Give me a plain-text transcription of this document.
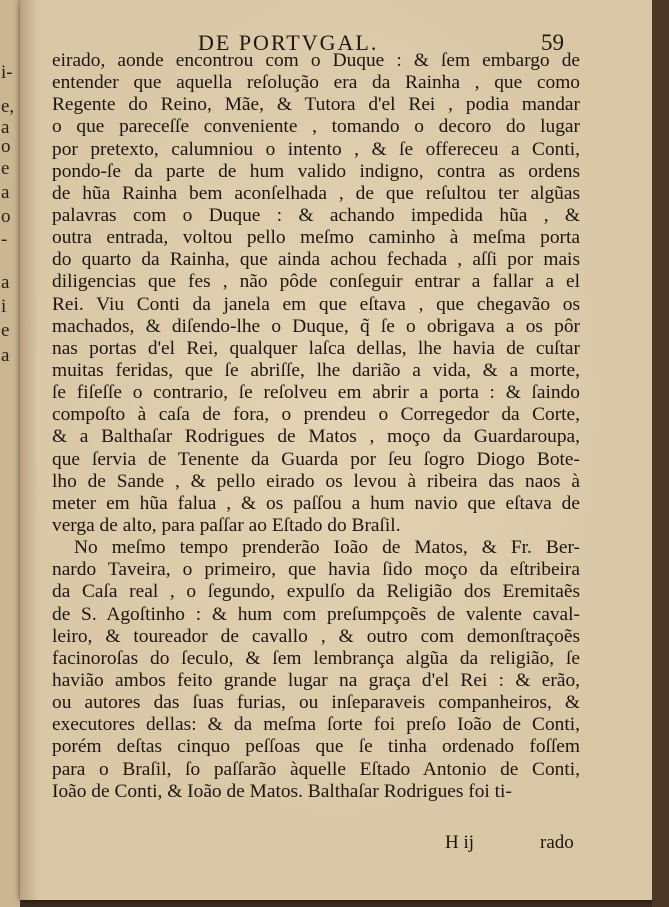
i-
e,
a
o
e
a
o
-
a
i
e
a
DE PORTVGAL.	59
eirado, aonde encontrou com o Duque : & ſem embargo de
entender que aquella reſolução era da Rainha , que como
Regente do Reino, Mãe, & Tutora d'el Rei , podia mandar
o que pareceſſe conveniente , tomando o decoro do lugar
por pretexto, calumniou o intento , & ſe offereceu a Conti,
pondo-ſe da parte de hum valido indigno, contra as ordens
de hũa Rainha bem aconſelhada , de que reſultou ter algũas
palavras com o Duque : & achando impedida hũa , &
outra entrada, voltou pello meſmo caminho à meſma porta
do quarto da Rainha, que ainda achou fechada , aſſi por mais
diligencias que fes , não pôde conſeguir entrar a fallar a el
Rei. Viu Conti da janela em que eſtava , que chegavão os
machados, & diſendo-lhe o Duque, q̃ ſe o obrigava a os pôr
nas portas d'el Rei, qualquer laſca dellas, lhe havia de cuſtar
muitas feridas, que ſe abriſſe, lhe darião a vida, & a morte,
ſe fiſeſſe o contrario, ſe reſolveu em abrir a porta : & ſaindo
compoſto à caſa de fora, o prendeu o Corregedor da Corte,
& a Balthaſar Rodrigues de Matos , moço da Guardaroupa,
que ſervia de Tenente da Guarda por ſeu ſogro Diogo Bote-
lho de Sande , & pello eirado os levou à ribeira das naos à
meter em hũa falua , & os paſſou a hum navio que eſtava de
verga de alto, para paſſar ao Eſtado do Braſil.
No meſmo tempo prenderão Ioão de Matos, & Fr. Ber-
nardo Taveira, o primeiro, que havia ſido moço da eſtribeira
da Caſa real , o ſegundo, expulſo da Religião dos Eremitaẽs
de S. Agoſtinho : & hum com preſumpçoẽs de valente caval-
leiro, & toureador de cavallo , & outro com demonſtraçoẽs
facinoroſas do ſeculo, & ſem lembrança algũa da religião, ſe
havião ambos feito grande lugar na graça d'el Rei : & erão,
ou autores das ſuas furias, ou inſeparaveis companheiros, &
executores dellas: & da meſma ſorte foi preſo Ioão de Conti,
porém deſtas cinquo peſſoas que ſe tinha ordenado foſſem
para o Braſil, ſo paſſarão àquelle Eſtado Antonio de Conti,
Ioão de Conti, & Ioão de Matos. Balthaſar Rodrigues foi ti-
H ij	rado
